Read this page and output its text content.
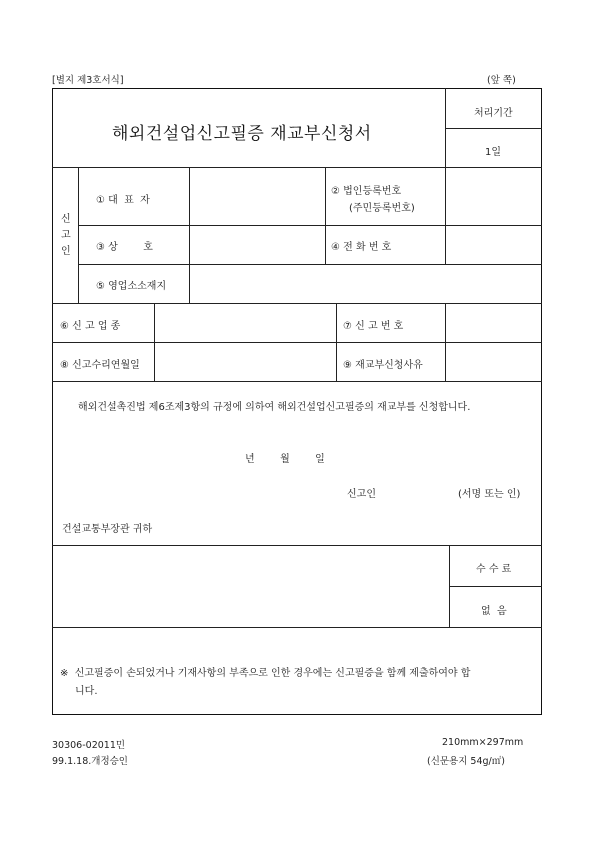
[별지 제3호서식]	(앞 쪽)
해외건설업신고필증 재교부신청서
처리기간
1일
신
고
인
① 대  표  자
② 법인등록번호
(주민등록번호)
③ 상        호	④ 전 화 번 호
⑤ 영업소소재지
⑥ 신 고 업 종	⑦ 신 고 번 호
⑧ 신고수리연월일	⑨ 재교부신청사유
해외건설촉진법 제6조제3항의 규정에 의하여 해외건설업신고필증의 재교부를 신청합니다.
년        월        일
신고인	(서명 또는 인)
건설교통부장관 귀하
수 수 료
없  음
※  신고필증이 손되었거나 기재사항의 부족으로 인한 경우에는 신고필증을 함께 제출하여야 합
니다.
30306-02011민
99.1.18.개정승인
210mm×297mm
(신문용지 54g/㎡)
